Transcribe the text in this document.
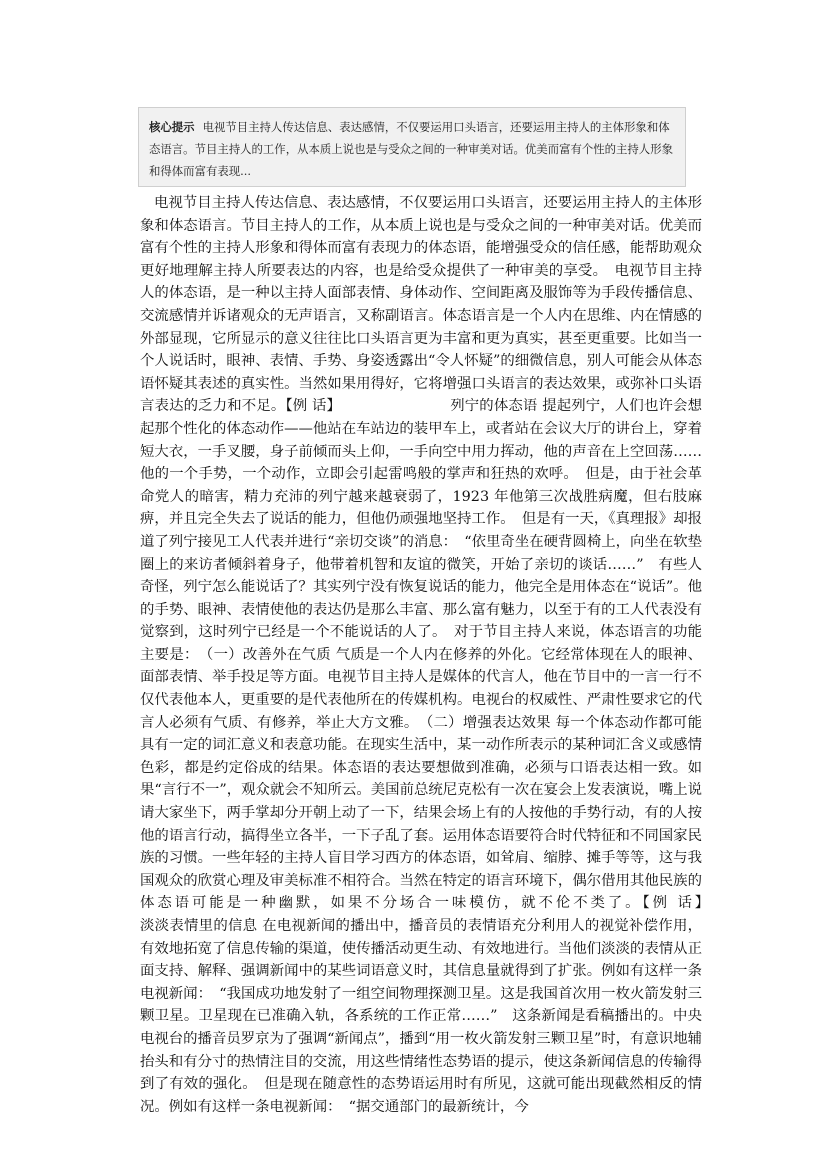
核心提示 电视节目主持人传达信息、表达感情，不仅要运用口头语言，还要运用主持人的主体形象和体态语言。节目主持人的工作，从本质上说也是与受众之间的一种审美对话。优美而富有个性的主持人形象和得体而富有表现...
电视节目主持人传达信息、表达感情，不仅要运用口头语言，还要运用主持人的主体形象和体态语言。节目主持人的工作，从本质上说也是与受众之间的一种审美对话。优美而富有个性的主持人形象和得体而富有表现力的体态语，能增强受众的信任感，能帮助观众更好地理解主持人所要表达的内容，也是给受众提供了一种审美的享受。　电视节目主持人的体态语，是一种以主持人面部表情、身体动作、空间距离及服饰等为手段传播信息、交流感情并诉诸观众的无声语言，又称副语言。体态语言是一个人内在思维、内在情感的外部显现，它所显示的意义往往比口头语言更为丰富和更为真实，甚至更重要。比如当一个人说话时，眼神、表情、手势、身姿透露出“令人怀疑”的细微信息，别人可能会从体态语怀疑其表述的真实性。当然如果用得好，它将增强口头语言的表达效果，或弥补口头语言表达的乏力和不足。【例 话】　　　　　　　　列宁的体态语 提起列宁，人们也许会想起那个性化的体态动作——他站在车站边的装甲车上，或者站在会议大厅的讲台上，穿着短大衣，一手叉腰，身子前倾而头上仰，一手向空中用力挥动，他的声音在上空回荡……他的一个手势，一个动作，立即会引起雷鸣般的掌声和狂热的欢呼。　但是，由于社会革命党人的暗害，精力充沛的列宁越来越衰弱了，1923 年他第三次战胜病魔，但右肢麻痹，并且完全失去了说话的能力，但他仍顽强地坚持工作。　但是有一天，《真理报》却报道了列宁接见工人代表并进行“亲切交谈”的消息：　“依里奇坐在硬背圆椅上，向坐在软垫圈上的来访者倾斜着身子，他带着机智和友谊的微笑，开始了亲切的谈话……”　有些人奇怪，列宁怎么能说话了？其实列宁没有恢复说话的能力，他完全是用体态在“说话”。他的手势、眼神、表情使他的表达仍是那么丰富、那么富有魅力，以至于有的工人代表没有觉察到，这时列宁已经是一个不能说话的人了。　对于节目主持人来说，体态语言的功能主要是：　（一）改善外在气质 气质是一个人内在修养的外化。它经常体现在人的眼神、面部表情、举手投足等方面。电视节目主持人是媒体的代言人，他在节目中的一言一行不仅代表他本人，更重要的是代表他所在的传媒机构。电视台的权威性、严肃性要求它的代言人必须有气质、有修养，举止大方文雅。　（二）增强表达效果 每一个体态动作都可能具有一定的词汇意义和表意功能。在现实生活中，某一动作所表示的某种词汇含义或感情色彩，都是约定俗成的结果。体态语的表达要想做到准确，必须与口语表达相一致。如果“言行不一”，观众就会不知所云。美国前总统尼克松有一次在宴会上发表演说，嘴上说请大家坐下，两手掌却分开朝上动了一下，结果会场上有的人按他的手势行动，有的人按他的语言行动，搞得坐立各半，一下子乱了套。运用体态语要符合时代特征和不同国家民族的习惯。一些年轻的主持人盲目学习西方的体态语，如耸肩、缩脖、摊手等等，这与我国观众的欣赏心理及审美标准不相符合。当然在特定的语言环境下，偶尔借用其他民族的体态语可能是一种幽默，如果不分场合一味模仿，就不伦不类了。【例 话】　　　　　　　　　　　　　淡淡表情里的信息 在电视新闻的播出中，播音员的表情语充分利用人的视觉补偿作用，有效地拓宽了信息传输的渠道，使传播活动更生动、有效地进行。当他们淡淡的表情从正面支持、解释、强调新闻中的某些词语意义时，其信息量就得到了扩张。例如有这样一条电视新闻：　“我国成功地发射了一组空间物理探测卫星。这是我国首次用一枚火箭发射三颗卫星。卫星现在已准确入轨，各系统的工作正常……”　这条新闻是看稿播出的。中央电视台的播音员罗京为了强调“新闻点”，播到“用一枚火箭发射三颗卫星”时，有意识地辅抬头和有分寸的热情注目的交流，用这些情绪性态势语的提示，使这条新闻信息的传输得到了有效的强化。　但是现在随意性的态势语运用时有所见，这就可能出现截然相反的情况。例如有这样一条电视新闻：　“据交通部门的最新统计，今
